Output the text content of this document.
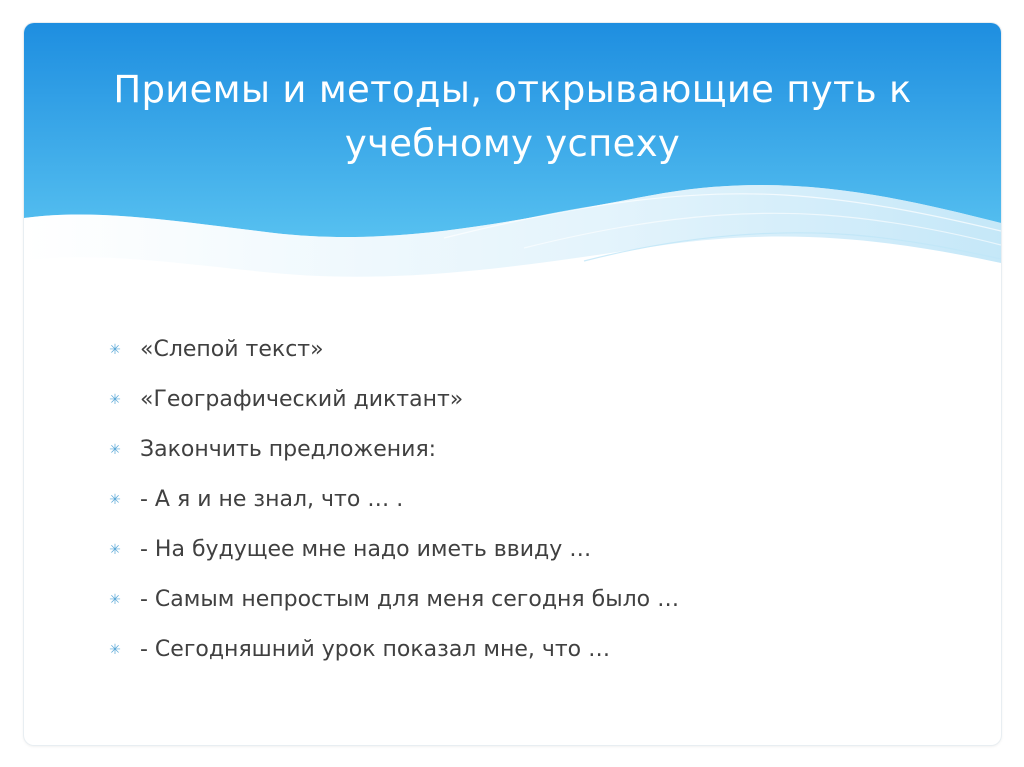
Приемы и методы, открывающие путь к
учебному успеху
✳ «Слепой текст»
✳ «Географический диктант»
✳ Закончить предложения:
✳ - А я и не знал, что … .
✳ - На будущее мне надо иметь ввиду …
✳ - Самым непростым для меня сегодня было …
✳ - Сегодняшний урок показал мне, что …
